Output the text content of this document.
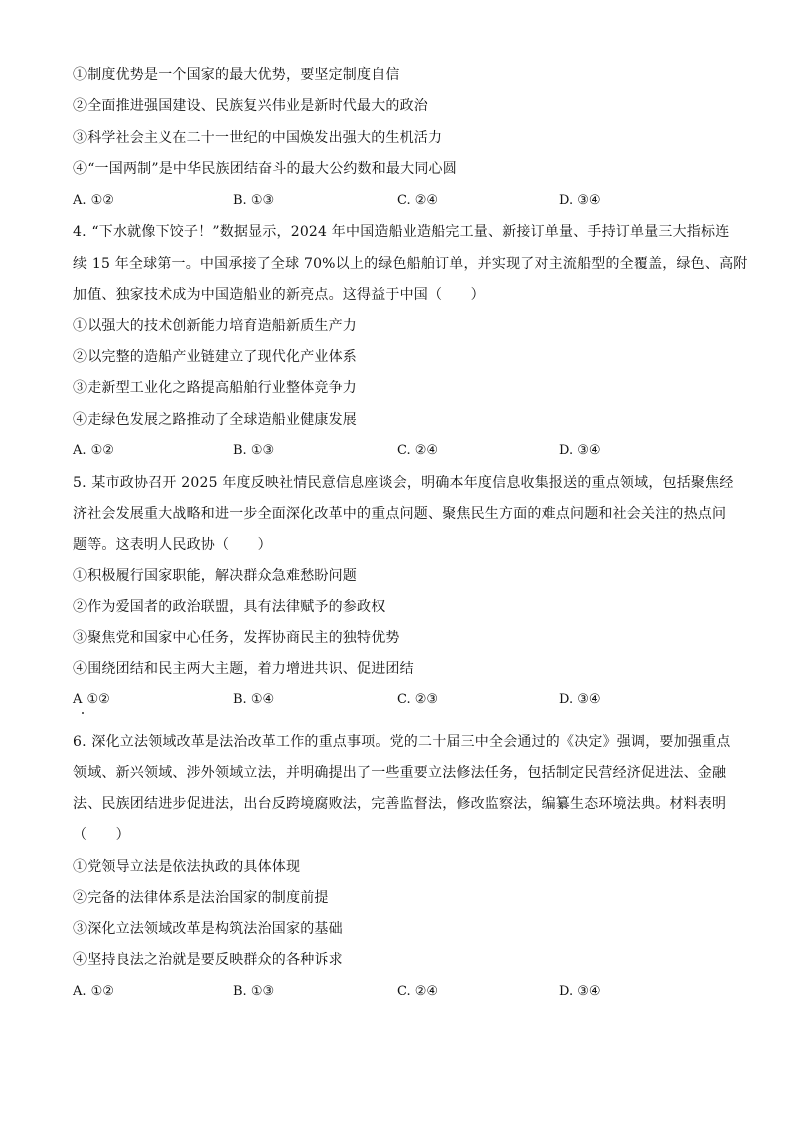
①制度优势是一个国家的最大优势，要坚定制度自信
②全面推进强国建设、民族复兴伟业是新时代最大的政治
③科学社会主义在二十一世纪的中国焕发出强大的生机活力
④“一国两制”是中华民族团结奋斗的最大公约数和最大同心圆
A. ①②	B. ①③	C. ②④	D. ③④
4. “下水就像下饺子！”数据显示，2024 年中国造船业造船完工量、新接订单量、手持订单量三大指标连
续 15 年全球第一。中国承接了全球 70%以上的绿色船舶订单，并实现了对主流船型的全覆盖，绿色、高附
加值、独家技术成为中国造船业的新亮点。这得益于中国（　　）
①以强大的技术创新能力培育造船新质生产力
②以完整的造船产业链建立了现代化产业体系
③走新型工业化之路提高船舶行业整体竞争力
④走绿色发展之路推动了全球造船业健康发展
A. ①②	B. ①③	C. ②④	D. ③④
5. 某市政协召开 2025 年度反映社情民意信息座谈会，明确本年度信息收集报送的重点领域，包括聚焦经
济社会发展重大战略和进一步全面深化改革中的重点问题、聚焦民生方面的难点问题和社会关注的热点问
题等。这表明人民政协（　　）
①积极履行国家职能，解决群众急难愁盼问题
②作为爱国者的政治联盟，具有法律赋予的参政权
③聚焦党和国家中心任务，发挥协商民主的独特优势
④围绕团结和民主两大主题，着力增进共识、促进团结
A ①②	B. ①④	C. ②③	D. ③④
6. 深化立法领域改革是法治改革工作的重点事项。党的二十届三中全会通过的《决定》强调，要加强重点
领域、新兴领域、涉外领域立法，并明确提出了一些重要立法修法任务，包括制定民营经济促进法、金融
法、民族团结进步促进法，出台反跨境腐败法，完善监督法，修改监察法，编纂生态环境法典。材料表明
（　　）
①党领导立法是依法执政的具体体现
②完备的法律体系是法治国家的制度前提
③深化立法领域改革是构筑法治国家的基础
④坚持良法之治就是要反映群众的各种诉求
A. ①②	B. ①③	C. ②④	D. ③④
